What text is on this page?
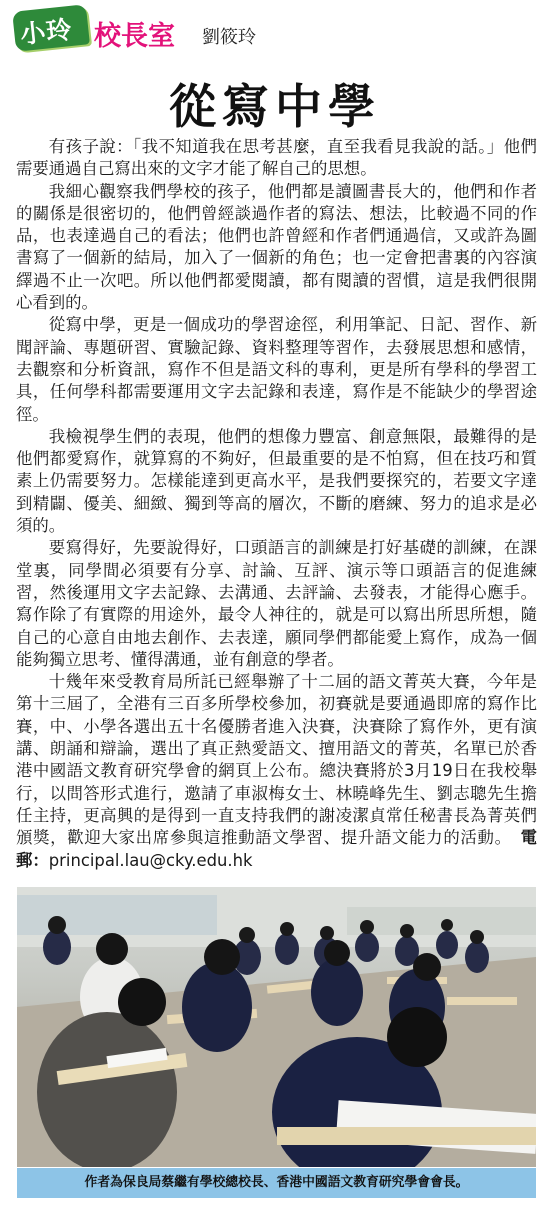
小玲 校長室 劉筱玲
從寫中學

有孩子說：「我不知道我在思考甚麼，直至我看見我說的話。」他們需要通過自己寫出來的文字才能了解自己的思想。

我細心觀察我們學校的孩子，他們都是讀圖書長大的，他們和作者的關係是很密切的，他們曾經談過作者的寫法、想法，比較過不同的作品，也表達過自己的看法；他們也許曾經和作者們通過信，又或許為圖書寫了一個新的結局，加入了一個新的角色；也一定會把書裏的內容演繹過不止一次吧。所以他們都愛閱讀，都有閱讀的習慣，這是我們很開心看到的。

從寫中學，更是一個成功的學習途徑，利用筆記、日記、習作、新聞評論、專題研習、實驗記錄、資料整理等習作，去發展思想和感情，去觀察和分析資訊，寫作不但是語文科的專利，更是所有學科的學習工具，任何學科都需要運用文字去記錄和表達，寫作是不能缺少的學習途徑。

我檢視學生們的表現，他們的想像力豐富、創意無限，最難得的是他們都愛寫作，就算寫的不夠好，但最重要的是不怕寫，但在技巧和質素上仍需要努力。怎樣能達到更高水平，是我們要探究的，若要文字達到精闢、優美、細緻、獨到等高的層次，不斷的磨練、努力的追求是必須的。

要寫得好，先要說得好，口頭語言的訓練是打好基礎的訓練，在課堂裏，同學間必須要有分享、討論、互評、演示等口頭語言的促進練習，然後運用文字去記錄、去溝通、去評論、去發表，才能得心應手。寫作除了有實際的用途外，最令人神往的，就是可以寫出所思所想，隨自己的心意自由地去創作、去表達，願同學們都能愛上寫作，成為一個能夠獨立思考、懂得溝通，並有創意的學者。

十幾年來受教育局所託已經舉辦了十二屆的語文菁英大賽，今年是第十三屆了，全港有三百多所學校參加，初賽就是要通過即席的寫作比賽，中、小學各選出五十名優勝者進入決賽，決賽除了寫作外，更有演講、朗誦和辯論，選出了真正熱愛語文、擅用語文的菁英，名單已於香港中國語文教育研究學會的網頁上公布。總決賽將於3月19日在我校舉行，以問答形式進行，邀請了車淑梅女士、林曉峰先生、劉志聰先生擔任主持，更高興的是得到一直支持我們的謝凌潔貞常任秘書長為菁英們頒獎，歡迎大家出席參與這推動語文學習、提升語文能力的活動。　 電郵：principal.lau@cky.edu.hk

作者為保良局蔡繼有學校總校長、香港中國語文教育研究學會會長。
